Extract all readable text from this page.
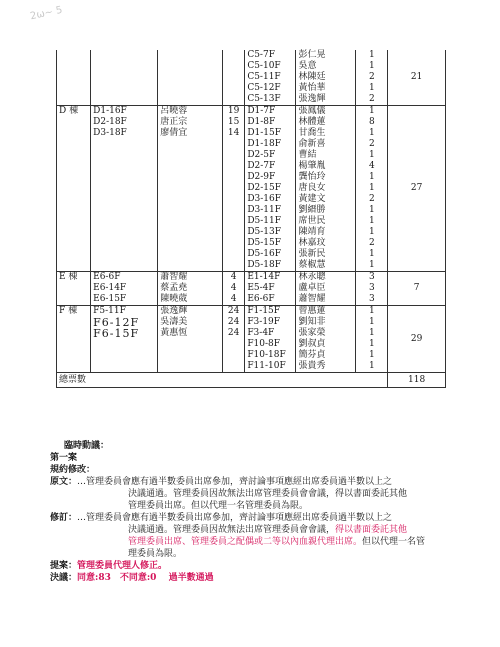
2ω~ 5
				C5-7F	彭仁晃	1	21
				C5-10F	吳意	1	
				C5-11F	林陳廷	2	
				C5-12F	黃怡華	1	
				C5-13F	張逸輝	2	
D 棟	D1-16F	呂曉蓉	19	D1-7F	張鳳儀	1	27
	D2-18F	唐正宗	15	D1-8F	林體蓮	8	
	D3-18F	廖倩宜	14	D1-15F	甘喬生	1	
				D1-18F	俞新喜	2	
				D2-5F	曹結	1	
				D2-7F	楊肇胤	4	
				D2-9F	龔怡玲	1	
				D2-15F	唐良女	1	
				D3-16F	黃建文	2	
				D3-11F	劉縉勝	1	
				D5-11F	席世民	1	
				D5-13F	陳靖育	1	
				D5-15F	林嘉玟	2	
				D5-16F	張新民	1	
				D5-18F	蔡椒慧	1	
E 棟	E6-6F	蕭智耀	4	E1-14F	林永聰	3	7
	E6-14F	蔡孟堯	4	E5-4F	盧卓臣	3	
	E6-15F	陳曉葳	4	E6-6F	蕭智耀	3	
F 棟	F5-11F	張逸輝	24	F1-15F	曾惠蓮	1	29
	F6-12F	吳濤美	24	F3-19F	劉知非	1	
	F6-15F	黃惠恆	24	F3-4F	張家榮	1	
				F10-8F	劉叔貞	1	
				F10-18F	簡芬貞	1	
				F11-10F	張貴秀	1	
總票數							118

臨時動議：

第一案

規約修改：

原文：…管理委員會應有過半數委員出席參加，齊討論事項應經出席委員過半數以上之

決議通過。管理委員因故無法出席管理委員會會議，得以書面委託其他

管理委員出席。但以代理一名管理委員為限。

修訂：…管理委員會應有過半數委員出席參加，齊討論事項應經出席委員過半數以上之

決議通過。管理委員因故無法出席管理委員會會議，得以書面委託其他

管理委員出席、管理委員之配偶或二等以內血親代理出席。但以代理一名管

理委員為限。

提案：管理委員代理人修正。

決議：同意:83　不同意:0　 過半數通過
